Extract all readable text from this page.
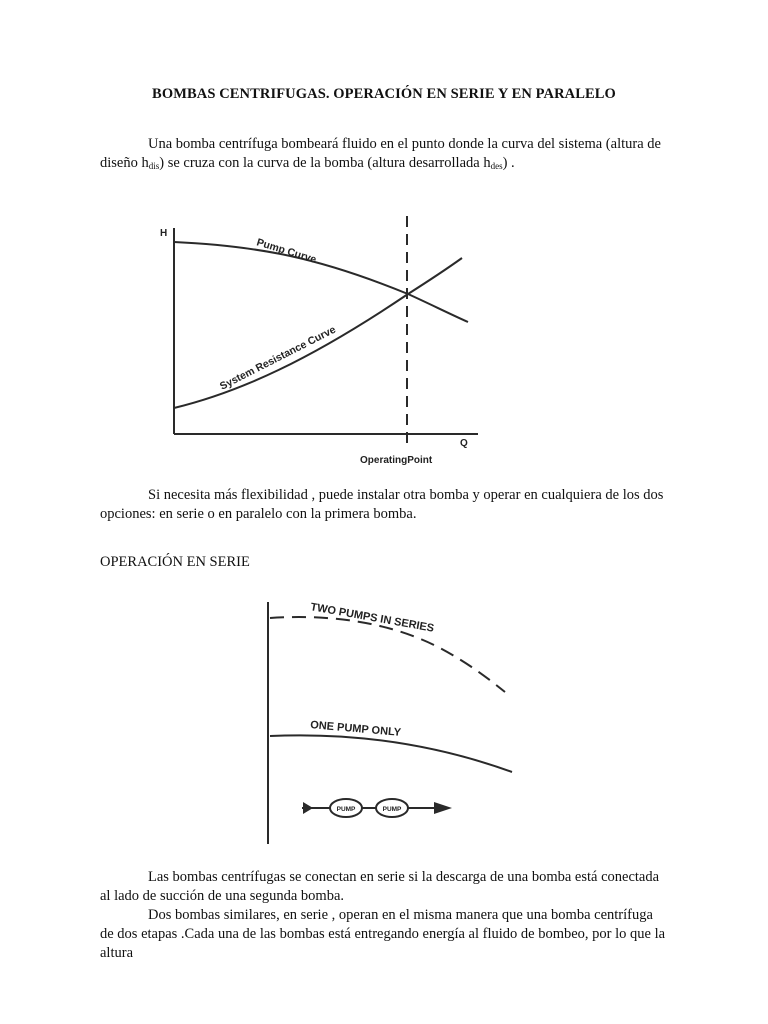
BOMBAS CENTRIFUGAS. OPERACIÓN EN SERIE Y EN PARALELO
Una bomba centrífuga bombeará fluido en el punto donde la curva del sistema (altura de diseño $h_{dis}$) se cruza con la curva de la bomba (altura desarrollada $h_{des}$) .
H
Q
Pump Curve
System Resistance Curve
OperatingPoint
Si necesita más flexibilidad , puede instalar otra bomba y operar en cualquiera de los dos opciones: en serie o en paralelo con la primera bomba.
OPERACIÓN EN SERIE
TWO PUMPS IN SERIES
ONE PUMP ONLY
PUMP	PUMP
Las bombas centrífugas se conectan en serie si la descarga de una bomba está conectada al lado de succión de una segunda bomba.
Dos bombas similares, en serie , operan en el misma manera que una bomba centrífuga de dos etapas .Cada una de las bombas está entregando energía al fluido de bombeo, por lo que la altura
